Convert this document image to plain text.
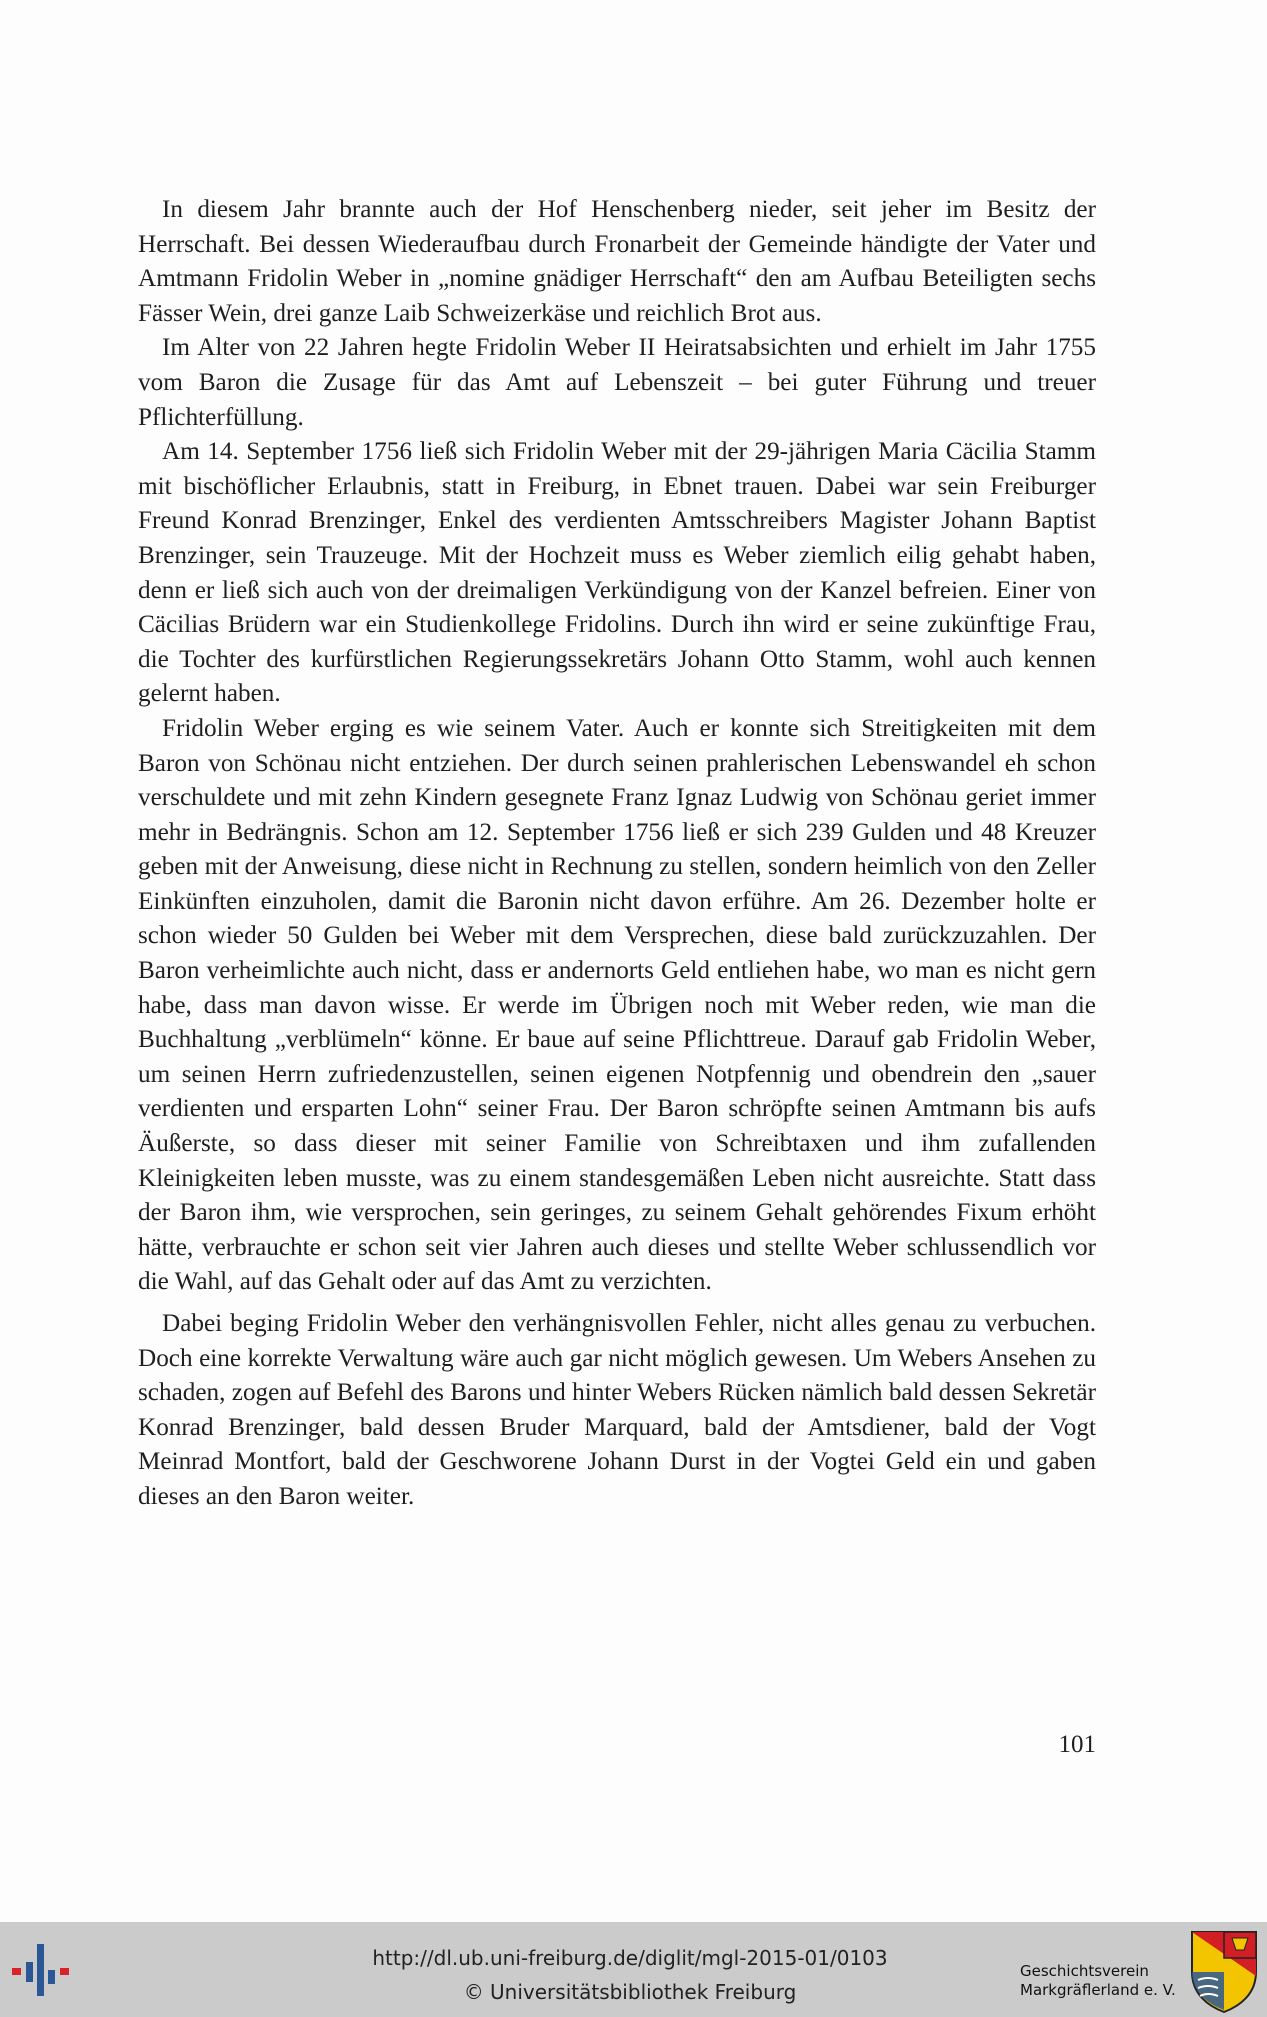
In diesem Jahr brannte auch der Hof Henschenberg nieder, seit jeher im Besitz der Herrschaft. Bei dessen Wiederaufbau durch Fronarbeit der Gemeinde händigte der Vater und Amtmann Fridolin Weber in „nomine gnädiger Herrschaft“ den am Aufbau Beteiligten sechs Fässer Wein, drei ganze Laib Schweizerkäse und reichlich Brot aus.

Im Alter von 22 Jahren hegte Fridolin Weber II Heiratsabsichten und erhielt im Jahr 1755 vom Baron die Zusage für das Amt auf Lebenszeit – bei guter Führung und treuer Pflichterfüllung.

Am 14. September 1756 ließ sich Fridolin Weber mit der 29-jährigen Maria Cäcilia Stamm mit bischöflicher Erlaubnis, statt in Freiburg, in Ebnet trauen. Dabei war sein Freiburger Freund Konrad Brenzinger, Enkel des verdienten Amtsschreibers Magister Johann Baptist Brenzinger, sein Trauzeuge. Mit der Hochzeit muss es Weber ziemlich eilig gehabt haben, denn er ließ sich auch von der dreimaligen Verkündigung von der Kanzel befreien. Einer von Cäcilias Brüdern war ein Studienkollege Fridolins. Durch ihn wird er seine zukünftige Frau, die Tochter des kurfürstlichen Regierungssekretärs Johann Otto Stamm, wohl auch kennen gelernt haben.

Fridolin Weber erging es wie seinem Vater. Auch er konnte sich Streitigkeiten mit dem Baron von Schönau nicht entziehen. Der durch seinen prahlerischen Lebenswandel eh schon verschuldete und mit zehn Kindern gesegnete Franz Ignaz Ludwig von Schönau geriet immer mehr in Bedrängnis. Schon am 12. September 1756 ließ er sich 239 Gulden und 48 Kreuzer geben mit der Anweisung, diese nicht in Rechnung zu stellen, sondern heimlich von den Zeller Einkünften einzuholen, damit die Baronin nicht davon erführe. Am 26. Dezember holte er schon wieder 50 Gulden bei Weber mit dem Versprechen, diese bald zurückzuzahlen. Der Baron verheimlichte auch nicht, dass er andernorts Geld entliehen habe, wo man es nicht gern habe, dass man davon wisse. Er werde im Übrigen noch mit Weber reden, wie man die Buchhaltung „verblümeln“ könne. Er baue auf seine Pflichttreue. Darauf gab Fridolin Weber, um seinen Herrn zufriedenzustellen, seinen eigenen Notpfennig und obendrein den „sauer verdienten und ersparten Lohn“ seiner Frau. Der Baron schröpfte seinen Amtmann bis aufs Äußerste, so dass dieser mit seiner Familie von Schreibtaxen und ihm zufallenden Kleinigkeiten leben musste, was zu einem standesgemäßen Leben nicht ausreichte. Statt dass der Baron ihm, wie versprochen, sein geringes, zu seinem Gehalt gehörendes Fixum erhöht hätte, verbrauchte er schon seit vier Jahren auch dieses und stellte Weber schlussendlich vor die Wahl, auf das Gehalt oder auf das Amt zu verzichten.

Dabei beging Fridolin Weber den verhängnisvollen Fehler, nicht alles genau zu verbuchen. Doch eine korrekte Verwaltung wäre auch gar nicht möglich gewesen. Um Webers Ansehen zu schaden, zogen auf Befehl des Barons und hinter Webers Rücken nämlich bald dessen Sekretär Konrad Brenzinger, bald dessen Bruder Marquard, bald der Amtsdiener, bald der Vogt Meinrad Montfort, bald der Geschworene Johann Durst in der Vogtei Geld ein und gaben dieses an den Baron weiter.

101
http://dl.ub.uni-freiburg.de/diglit/mgl-2015-01/0103
© Universitätsbibliothek Freiburg
Geschichtsverein
Markgräflerland e. V.
